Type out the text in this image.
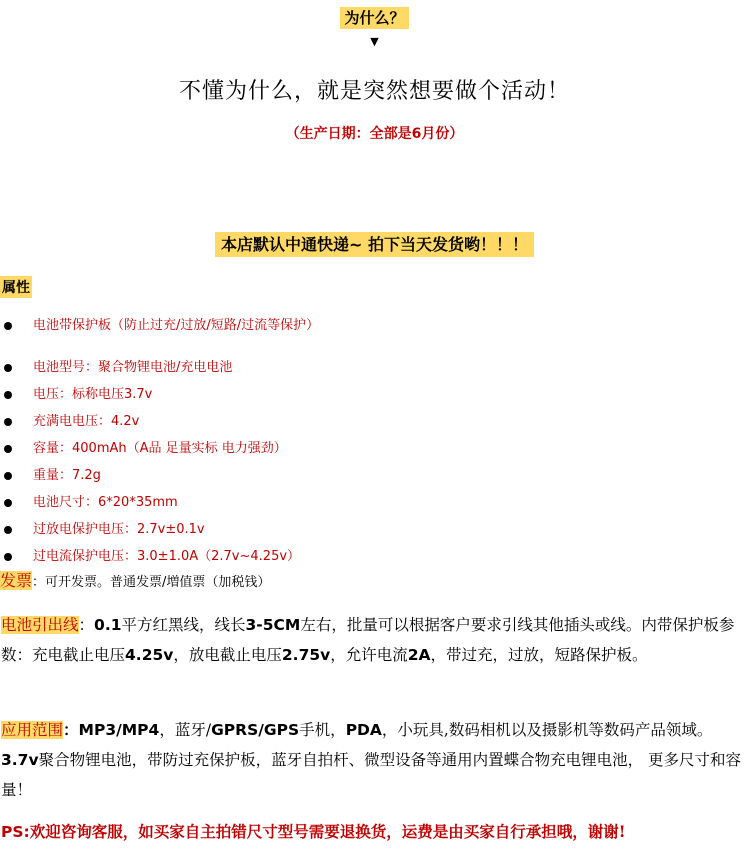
为什么？
▼
不懂为什么，就是突然想要做个活动！
（生产日期：全部是6月份）
本店默认中通快递~ 拍下当天发货哟！！！
属性
电池带保护板（防止过充/过放/短路/过流等保护）
电池型号：聚合物锂电池/充电电池
电压：标称电压3.7v
充满电电压：4.2v
容量：400mAh（A品 足量实标 电力强劲）
重量：7.2g
电池尺寸：6*20*35mm
过放电保护电压：2.7v±0.1v
过电流保护电压：3.0±1.0A（2.7v~4.25v）
发票：可开发票。普通发票/増值票（加税钱）
电池引出线：0.1平方红黑线，线长3-5CM左右，批量可以根据客户要求引线其他插头或线。内带保护板参数：充电截止电压4.25v，放电截止电压2.75v，允许电流2A，带过充，过放，短路保护板。
应用范围：MP3/MP4，蓝牙/GPRS/GPS手机，PDA，小玩具,数码相机以及摄影机等数码产品领域。3.7v聚合物锂电池，带防过充保护板，蓝牙自拍杆、微型设备等通用内置蝶合物充电锂电池， 更多尺寸和容量！
PS:欢迎咨询客服，如买家自主拍错尺寸型号需要退换货，运费是由买家自行承担哦，谢谢!
